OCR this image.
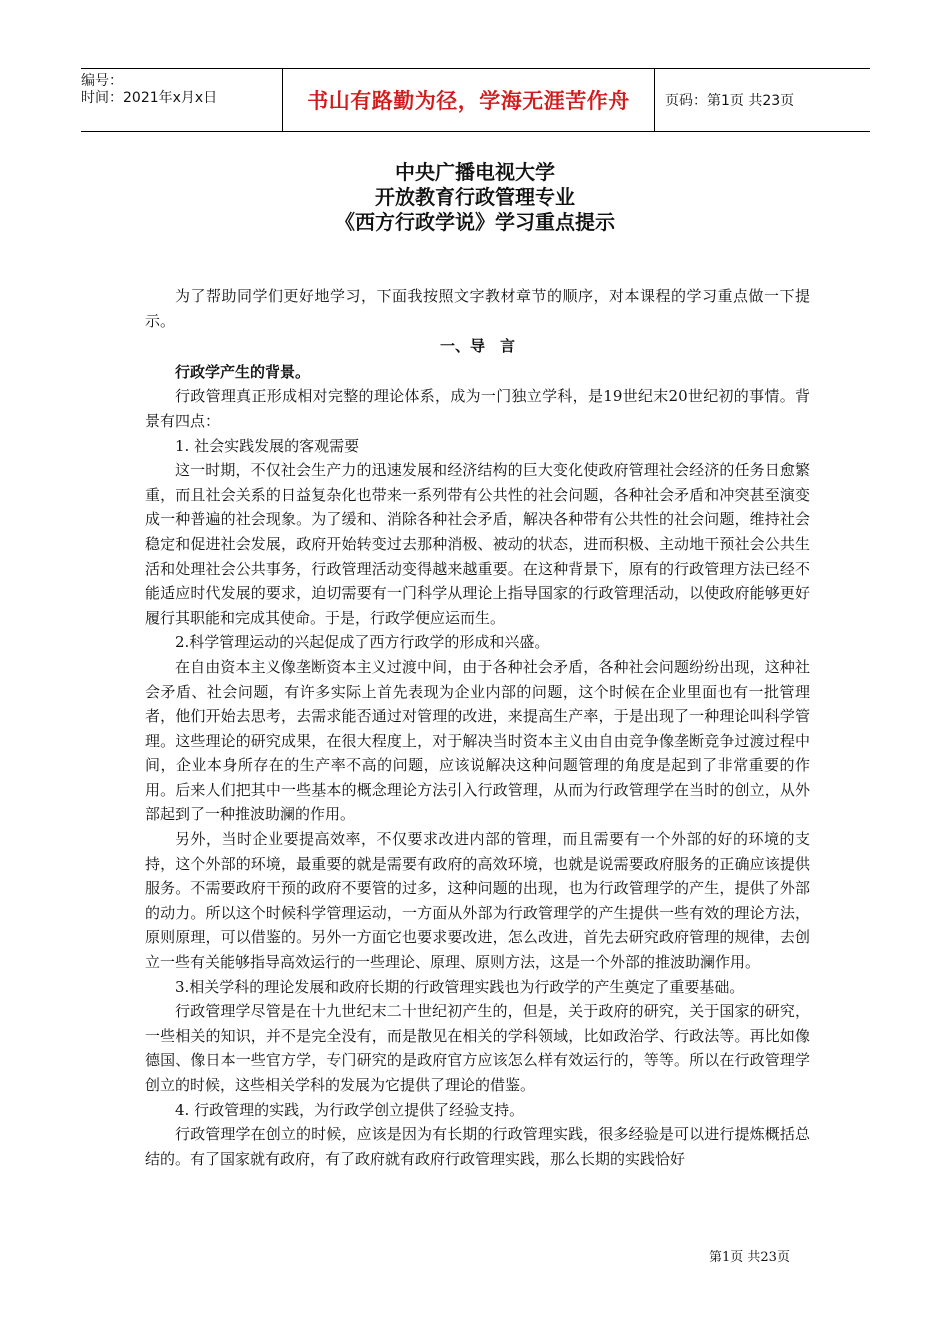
编号：
时间：2021年x月x日	书山有路勤为径，学海无涯苦作舟	页码：第1页 共23页
中央广播电视大学
开放教育行政管理专业
《西方行政学说》学习重点提示

为了帮助同学们更好地学习，下面我按照文字教材章节的顺序，对本课程的学习重点做一下提示。

一、导　言

行政学产生的背景。

行政管理真正形成相对完整的理论体系，成为一门独立学科，是19世纪末20世纪初的事情。背景有四点：

1. 社会实践发展的客观需要

这一时期，不仅社会生产力的迅速发展和经济结构的巨大变化使政府管理社会经济的任务日愈繁重，而且社会关系的日益复杂化也带来一系列带有公共性的社会问题，各种社会矛盾和冲突甚至演变成一种普遍的社会现象。为了缓和、消除各种社会矛盾，解决各种带有公共性的社会问题，维持社会稳定和促进社会发展，政府开始转变过去那种消极、被动的状态，进而积极、主动地干预社会公共生活和处理社会公共事务，行政管理活动变得越来越重要。在这种背景下，原有的行政管理方法已经不能适应时代发展的要求，迫切需要有一门科学从理论上指导国家的行政管理活动，以使政府能够更好履行其职能和完成其使命。于是，行政学便应运而生。

2.科学管理运动的兴起促成了西方行政学的形成和兴盛。

在自由资本主义像垄断资本主义过渡中间，由于各种社会矛盾，各种社会问题纷纷出现，这种社会矛盾、社会问题，有许多实际上首先表现为企业内部的问题，这个时候在企业里面也有一批管理者，他们开始去思考，去需求能否通过对管理的改进，来提高生产率，于是出现了一种理论叫科学管理。这些理论的研究成果，在很大程度上，对于解决当时资本主义由自由竞争像垄断竞争过渡过程中间，企业本身所存在的生产率不高的问题，应该说解决这种问题管理的角度是起到了非常重要的作用。后来人们把其中一些基本的概念理论方法引入行政管理，从而为行政管理学在当时的创立，从外部起到了一种推波助澜的作用。

另外，当时企业要提高效率，不仅要求改进内部的管理，而且需要有一个外部的好的环境的支持，这个外部的环境，最重要的就是需要有政府的高效环境，也就是说需要政府服务的正确应该提供服务。不需要政府干预的政府不要管的过多，这种问题的出现，也为行政管理学的产生，提供了外部的动力。所以这个时候科学管理运动，一方面从外部为行政管理学的产生提供一些有效的理论方法，原则原理，可以借鉴的。另外一方面它也要求要改进，怎么改进，首先去研究政府管理的规律，去创立一些有关能够指导高效运行的一些理论、原理、原则方法，这是一个外部的推波助澜作用。

3.相关学科的理论发展和政府长期的行政管理实践也为行政学的产生奠定了重要基础。

行政管理学尽管是在十九世纪末二十世纪初产生的，但是，关于政府的研究，关于国家的研究，一些相关的知识，并不是完全没有，而是散见在相关的学科领域，比如政治学、行政法等。再比如像德国、像日本一些官方学，专门研究的是政府官方应该怎么样有效运行的，等等。所以在行政管理学创立的时候，这些相关学科的发展为它提供了理论的借鉴。

4. 行政管理的实践，为行政学创立提供了经验支持。

行政管理学在创立的时候，应该是因为有长期的行政管理实践，很多经验是可以进行提炼概括总结的。有了国家就有政府，有了政府就有政府行政管理实践，那么长期的实践恰好

第1页 共23页
